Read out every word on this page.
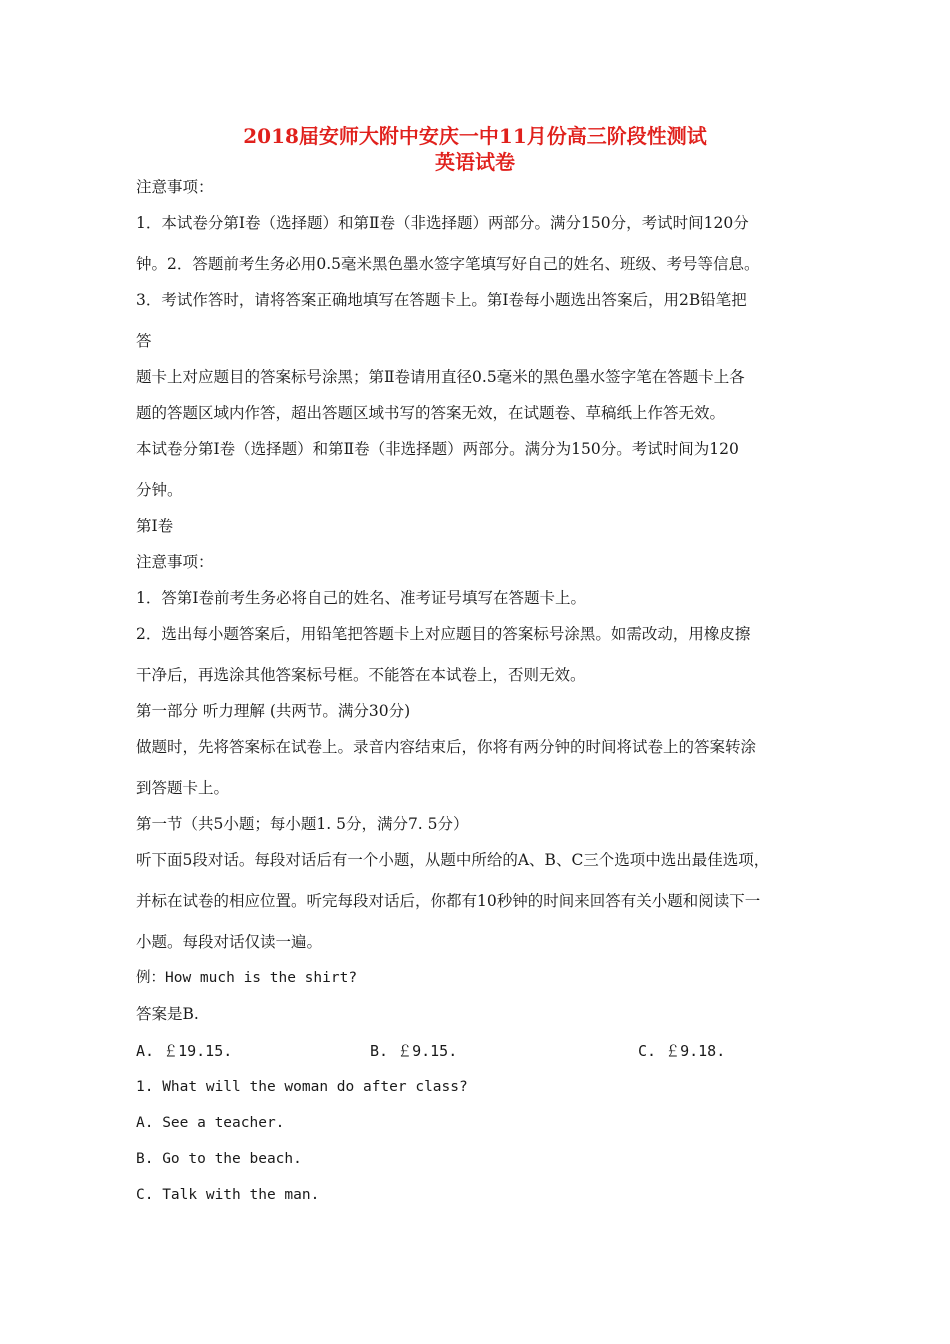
2018届安师大附中安庆一中11月份高三阶段性测试
英语试卷

注意事项：

1．本试卷分第Ⅰ卷（选择题）和第Ⅱ卷（非选择题）两部分。满分150分，考试时间120分

钟。2．答题前考生务必用0.5毫米黑色墨水签字笔填写好自己的姓名、班级、考号等信息。

3．考试作答时，请将答案正确地填写在答题卡上。第Ⅰ卷每小题选出答案后，用2B铅笔把

答

题卡上对应题目的答案标号涂黑；第Ⅱ卷请用直径0.5毫米的黑色墨水签字笔在答题卡上各

题的答题区域内作答，超出答题区域书写的答案无效，在试题卷、草稿纸上作答无效。

本试卷分第Ⅰ卷（选择题）和第Ⅱ卷（非选择题）两部分。满分为150分。考试时间为120

分钟。

第Ⅰ卷

注意事项：

1．答第Ⅰ卷前考生务必将自己的姓名、准考证号填写在答题卡上。

2．选出每小题答案后，用铅笔把答题卡上对应题目的答案标号涂黑。如需改动，用橡皮擦

干净后，再选涂其他答案标号框。不能答在本试卷上，否则无效。

第一部分 听力理解 (共两节。满分30分)

做题时，先将答案标在试卷上。录音内容结束后，你将有两分钟的时间将试卷上的答案转涂

到答题卡上。

第一节（共5小题；每小题1. 5分，满分7. 5分）

听下面5段对话。每段对话后有一个小题，从题中所给的A、B、C三个选项中选出最佳选项，

并标在试卷的相应位置。听完每段对话后，你都有10秒钟的时间来回答有关小题和阅读下一

小题。每段对话仅读一遍。

例：How much is the shirt?

答案是B.

A. ￡19.15.	B. ￡9.15.	C. ￡9.18.

1. What will the woman do after class?

A. See a teacher.

B. Go to the beach.

C. Talk with the man.
